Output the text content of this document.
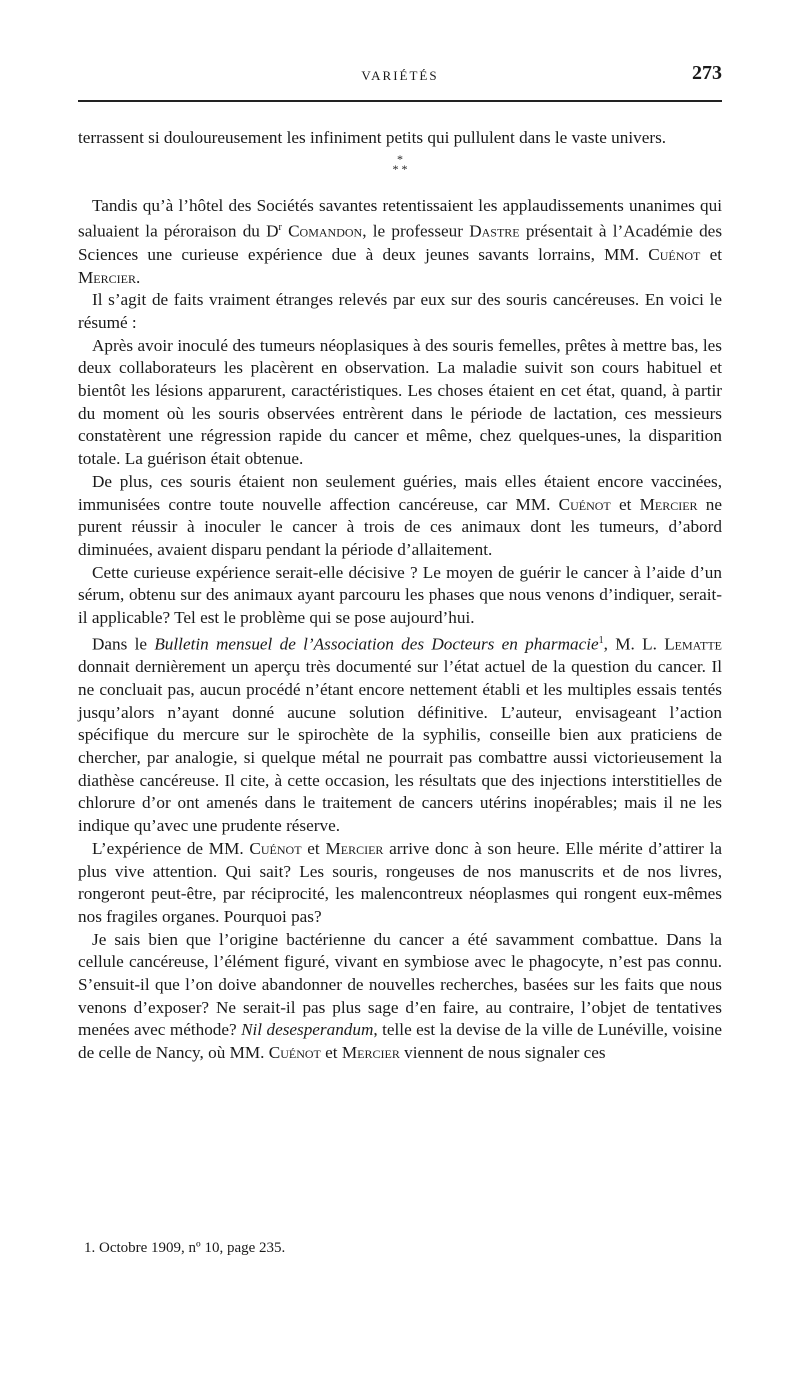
VARIÉTÉS	273

terrassent si douloureusement les infiniment petits qui pullulent dans le vaste univers.

*
* *

Tandis qu’à l’hôtel des Sociétés savantes retentissaient les applaudissements unanimes qui saluaient la péroraison du $D^r$ Comandon, le professeur Dastre présentait à l’Académie des Sciences une curieuse expérience due à deux jeunes savants lorrains, MM. Cuénot et Mercier.

Il s’agit de faits vraiment étranges relevés par eux sur des souris cancéreuses. En voici le résumé :

Après avoir inoculé des tumeurs néoplasiques à des souris femelles, prêtes à mettre bas, les deux collaborateurs les placèrent en observation. La maladie suivit son cours habituel et bientôt les lésions apparurent, caractéristiques. Les choses étaient en cet état, quand, à partir du moment où les souris observées entrèrent dans le période de lactation, ces messieurs constatèrent une régression rapide du cancer et même, chez quelques-unes, la disparition totale. La guérison était obtenue.

De plus, ces souris étaient non seulement guéries, mais elles étaient encore vaccinées, immunisées contre toute nouvelle affection cancéreuse, car MM. Cuénot et Mercier ne purent réussir à inoculer le cancer à trois de ces animaux dont les tumeurs, d’abord diminuées, avaient disparu pendant la période d’allaitement.

Cette curieuse expérience serait-elle décisive ? Le moyen de guérir le cancer à l’aide d’un sérum, obtenu sur des animaux ayant parcouru les phases que nous venons d’indiquer, serait-il applicable? Tel est le problème qui se pose aujourd’hui.

Dans le Bulletin mensuel de l’Association des Docteurs en pharmacie$^1$, M. L. Lematte donnait dernièrement un aperçu très documenté sur l’état actuel de la question du cancer. Il ne concluait pas, aucun procédé n’étant encore nettement établi et les multiples essais tentés jusqu’alors n’ayant donné aucune solution définitive. L’auteur, envisageant l’action spécifique du mercure sur le spirochète de la syphilis, conseille bien aux praticiens de chercher, par analogie, si quelque métal ne pourrait pas combattre aussi victorieusement la diathèse cancéreuse. Il cite, à cette occasion, les résultats que des injections interstitielles de chlorure d’or ont amenés dans le traitement de cancers utérins inopérables; mais il ne les indique qu’avec une prudente réserve.

L’expérience de MM. Cuénot et Mercier arrive donc à son heure. Elle mérite d’attirer la plus vive attention. Qui sait? Les souris, rongeuses de nos manuscrits et de nos livres, rongeront peut-être, par réciprocité, les malencontreux néoplasmes qui rongent eux-mêmes nos fragiles organes. Pourquoi pas?

Je sais bien que l’origine bactérienne du cancer a été savamment combattue. Dans la cellule cancéreuse, l’élément figuré, vivant en symbiose avec le phagocyte, n’est pas connu. S’ensuit-il que l’on doive abandonner de nouvelles recherches, basées sur les faits que nous venons d’exposer? Ne serait-il pas plus sage d’en faire, au contraire, l’objet de tentatives menées avec méthode? Nil desesperandum, telle est la devise de la ville de Lunéville, voisine de celle de Nancy, où MM. Cuénot et Mercier viennent de nous signaler ces

1. Octobre 1909, nº 10, page 235.
